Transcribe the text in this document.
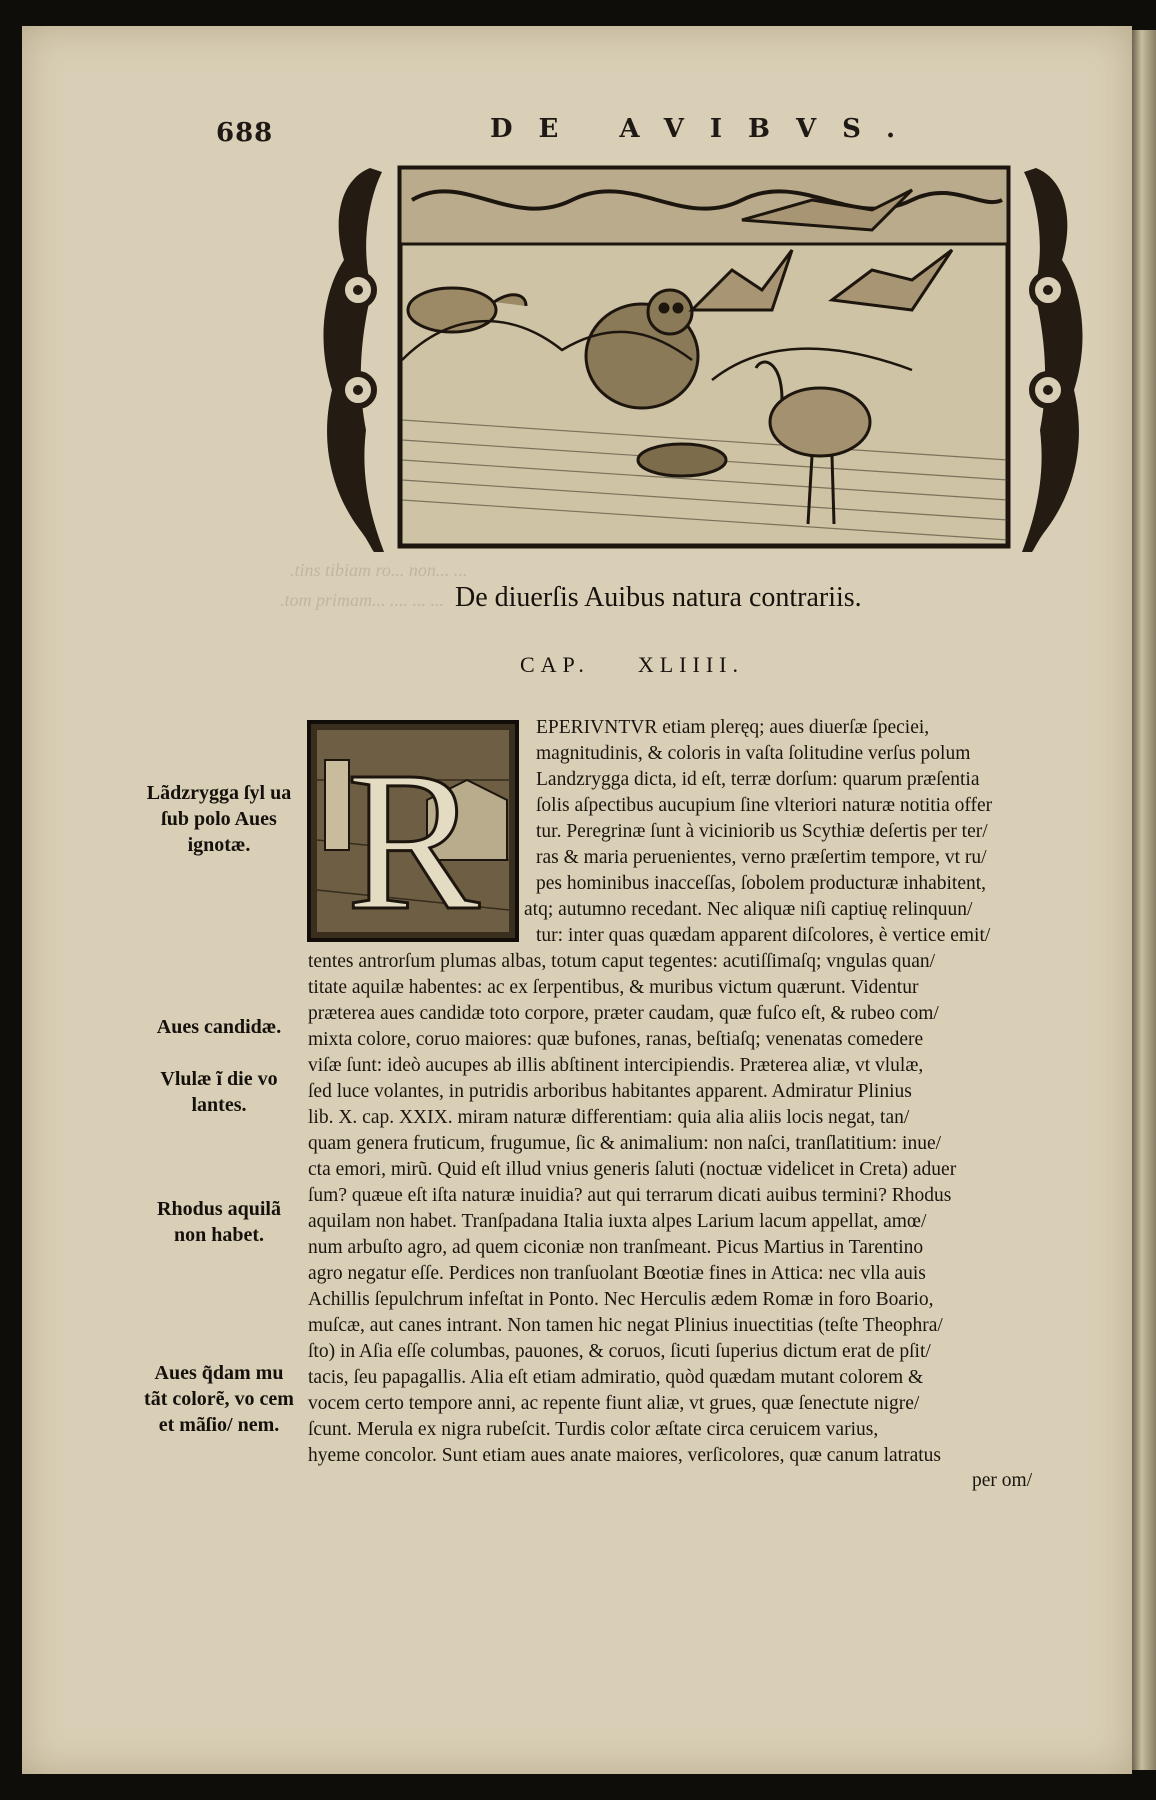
.tins tibiam ro... non... ...
.tom primam... .... ... ...
688	DE AVIBVS.
De diuerſis Auibus natura contrariis.
CAP. XLIIII.
R
EPERIVNTVR etiam pleręq; aues diuerſæ ſpeciei,
magnitudinis, & coloris in vaſta ſolitudine verſus polum
Landzrygga dicta, id eſt, terræ dorſum: quarum præſentia
ſolis aſpectibus aucupium ſine vlteriori naturæ notitia offer
tur. Peregrinæ ſunt à viciniorib us Scythiæ deſertis per ter/
ras & maria peruenientes, verno præſertim tempore, vt ru/
pes hominibus inacceſſas, ſobolem producturæ inhabitent,
atq; autumno recedant. Nec aliquæ niſi captiuę relinquun/
tur: inter quas quædam apparent diſcolores, è vertice emit/
tentes antrorſum plumas albas, totum caput tegentes: acutiſſimaſq; vngulas quan/
titate aquilæ habentes: ac ex ſerpentibus, & muribus victum quærunt. Videntur
præterea aues candidæ toto corpore, præter caudam, quæ fuſco eſt, & rubeo com/
mixta colore, coruo maiores: quæ bufones, ranas, beſtiaſq; venenatas comedere
viſæ ſunt: ideò aucupes ab illis abſtinent intercipiendis. Præterea aliæ, vt vlulæ,
ſed luce volantes, in putridis arboribus habitantes apparent. Admiratur Plinius
lib. X. cap. XXIX. miram naturæ differentiam: quia alia aliis locis negat, tan/
quam genera fruticum, frugumue, ſic & animalium: non naſci, tranſlatitium: inue/
cta emori, mirũ. Quid eſt illud vnius generis ſaluti (noctuæ videlicet in Creta) aduer
ſum? quæue eſt iſta naturæ inuidia? aut qui terrarum dicati auibus termini? Rhodus
aquilam non habet. Tranſpadana Italia iuxta alpes Larium lacum appellat, amœ/
num arbuſto agro, ad quem ciconiæ non tranſmeant. Picus Martius in Tarentino
agro negatur eſſe. Perdices non tranſuolant Bœotiæ fines in Attica: nec vlla auis
Achillis ſepulchrum infeſtat in Ponto. Nec Herculis ædem Romæ in foro Boario,
muſcæ, aut canes intrant. Non tamen hic negat Plinius inuectitias (teſte Theophra/
ſto) in Aſia eſſe columbas, pauones, & coruos, ſicuti ſuperius dictum erat de pſit/
tacis, ſeu papagallis. Alia eſt etiam admiratio, quòd quædam mutant colorem &
vocem certo tempore anni, ac repente fiunt aliæ, vt grues, quæ ſenectute nigre/
ſcunt. Merula ex nigra rubeſcit. Turdis color æſtate circa ceruicem varius,
hyeme concolor. Sunt etiam aues anate maiores, verſicolores, quæ canum latratus
per om/
Lãdzrygga ſyl ua ſub polo Aues ignotæ.
Aues candidæ.
Vlulæ ĩ die vo lantes.
Rhodus aquilã non habet.
Aues q̃dam mu tãt colorẽ, vo cem et mãſio/ nem.
